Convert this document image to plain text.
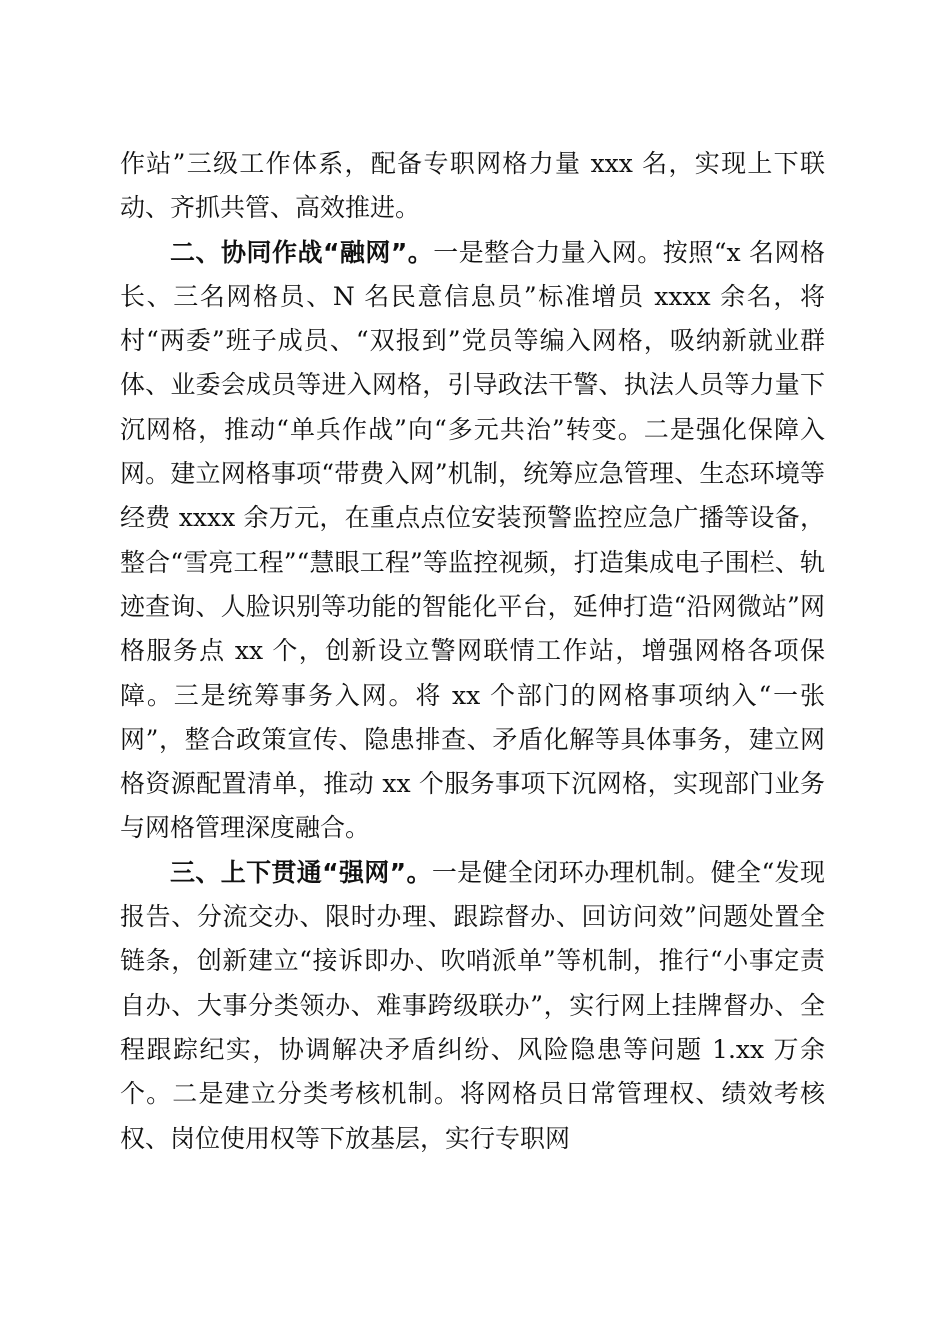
作站”三级工作体系，配备专职网格力量 xxx 名，实现上下联动、齐抓共管、高效推进。

二、协同作战“融网”。一是整合力量入网。按照“x 名网格长、三名网格员、N 名民意信息员”标准增员 xxxx 余名，将村“两委”班子成员、“双报到”党员等编入网格，吸纳新就业群体、业委会成员等进入网格，引导政法干警、执法人员等力量下沉网格，推动“单兵作战”向“多元共治”转变。二是强化保障入网。建立网格事项“带费入网”机制，统筹应急管理、生态环境等经费 xxxx 余万元，在重点点位安装预警监控应急广播等设备，整合“雪亮工程”“慧眼工程”等监控视频，打造集成电子围栏、轨迹查询、人脸识别等功能的智能化平台，延伸打造“沿网微站”网格服务点 xx 个，创新设立警网联情工作站，增强网格各项保障。三是统筹事务入网。将 xx 个部门的网格事项纳入“一张网”，整合政策宣传、隐患排查、矛盾化解等具体事务，建立网格资源配置清单，推动 xx 个服务事项下沉网格，实现部门业务与网格管理深度融合。

三、上下贯通“强网”。一是健全闭环办理机制。健全“发现报告、分流交办、限时办理、跟踪督办、回访问效”问题处置全链条，创新建立“接诉即办、吹哨派单”等机制，推行“小事定责自办、大事分类领办、难事跨级联办”，实行网上挂牌督办、全程跟踪纪实，协调解决矛盾纠纷、风险隐患等问题 1.xx 万余个。二是建立分类考核机制。将网格员日常管理权、绩效考核权、岗位使用权等下放基层，实行专职网
